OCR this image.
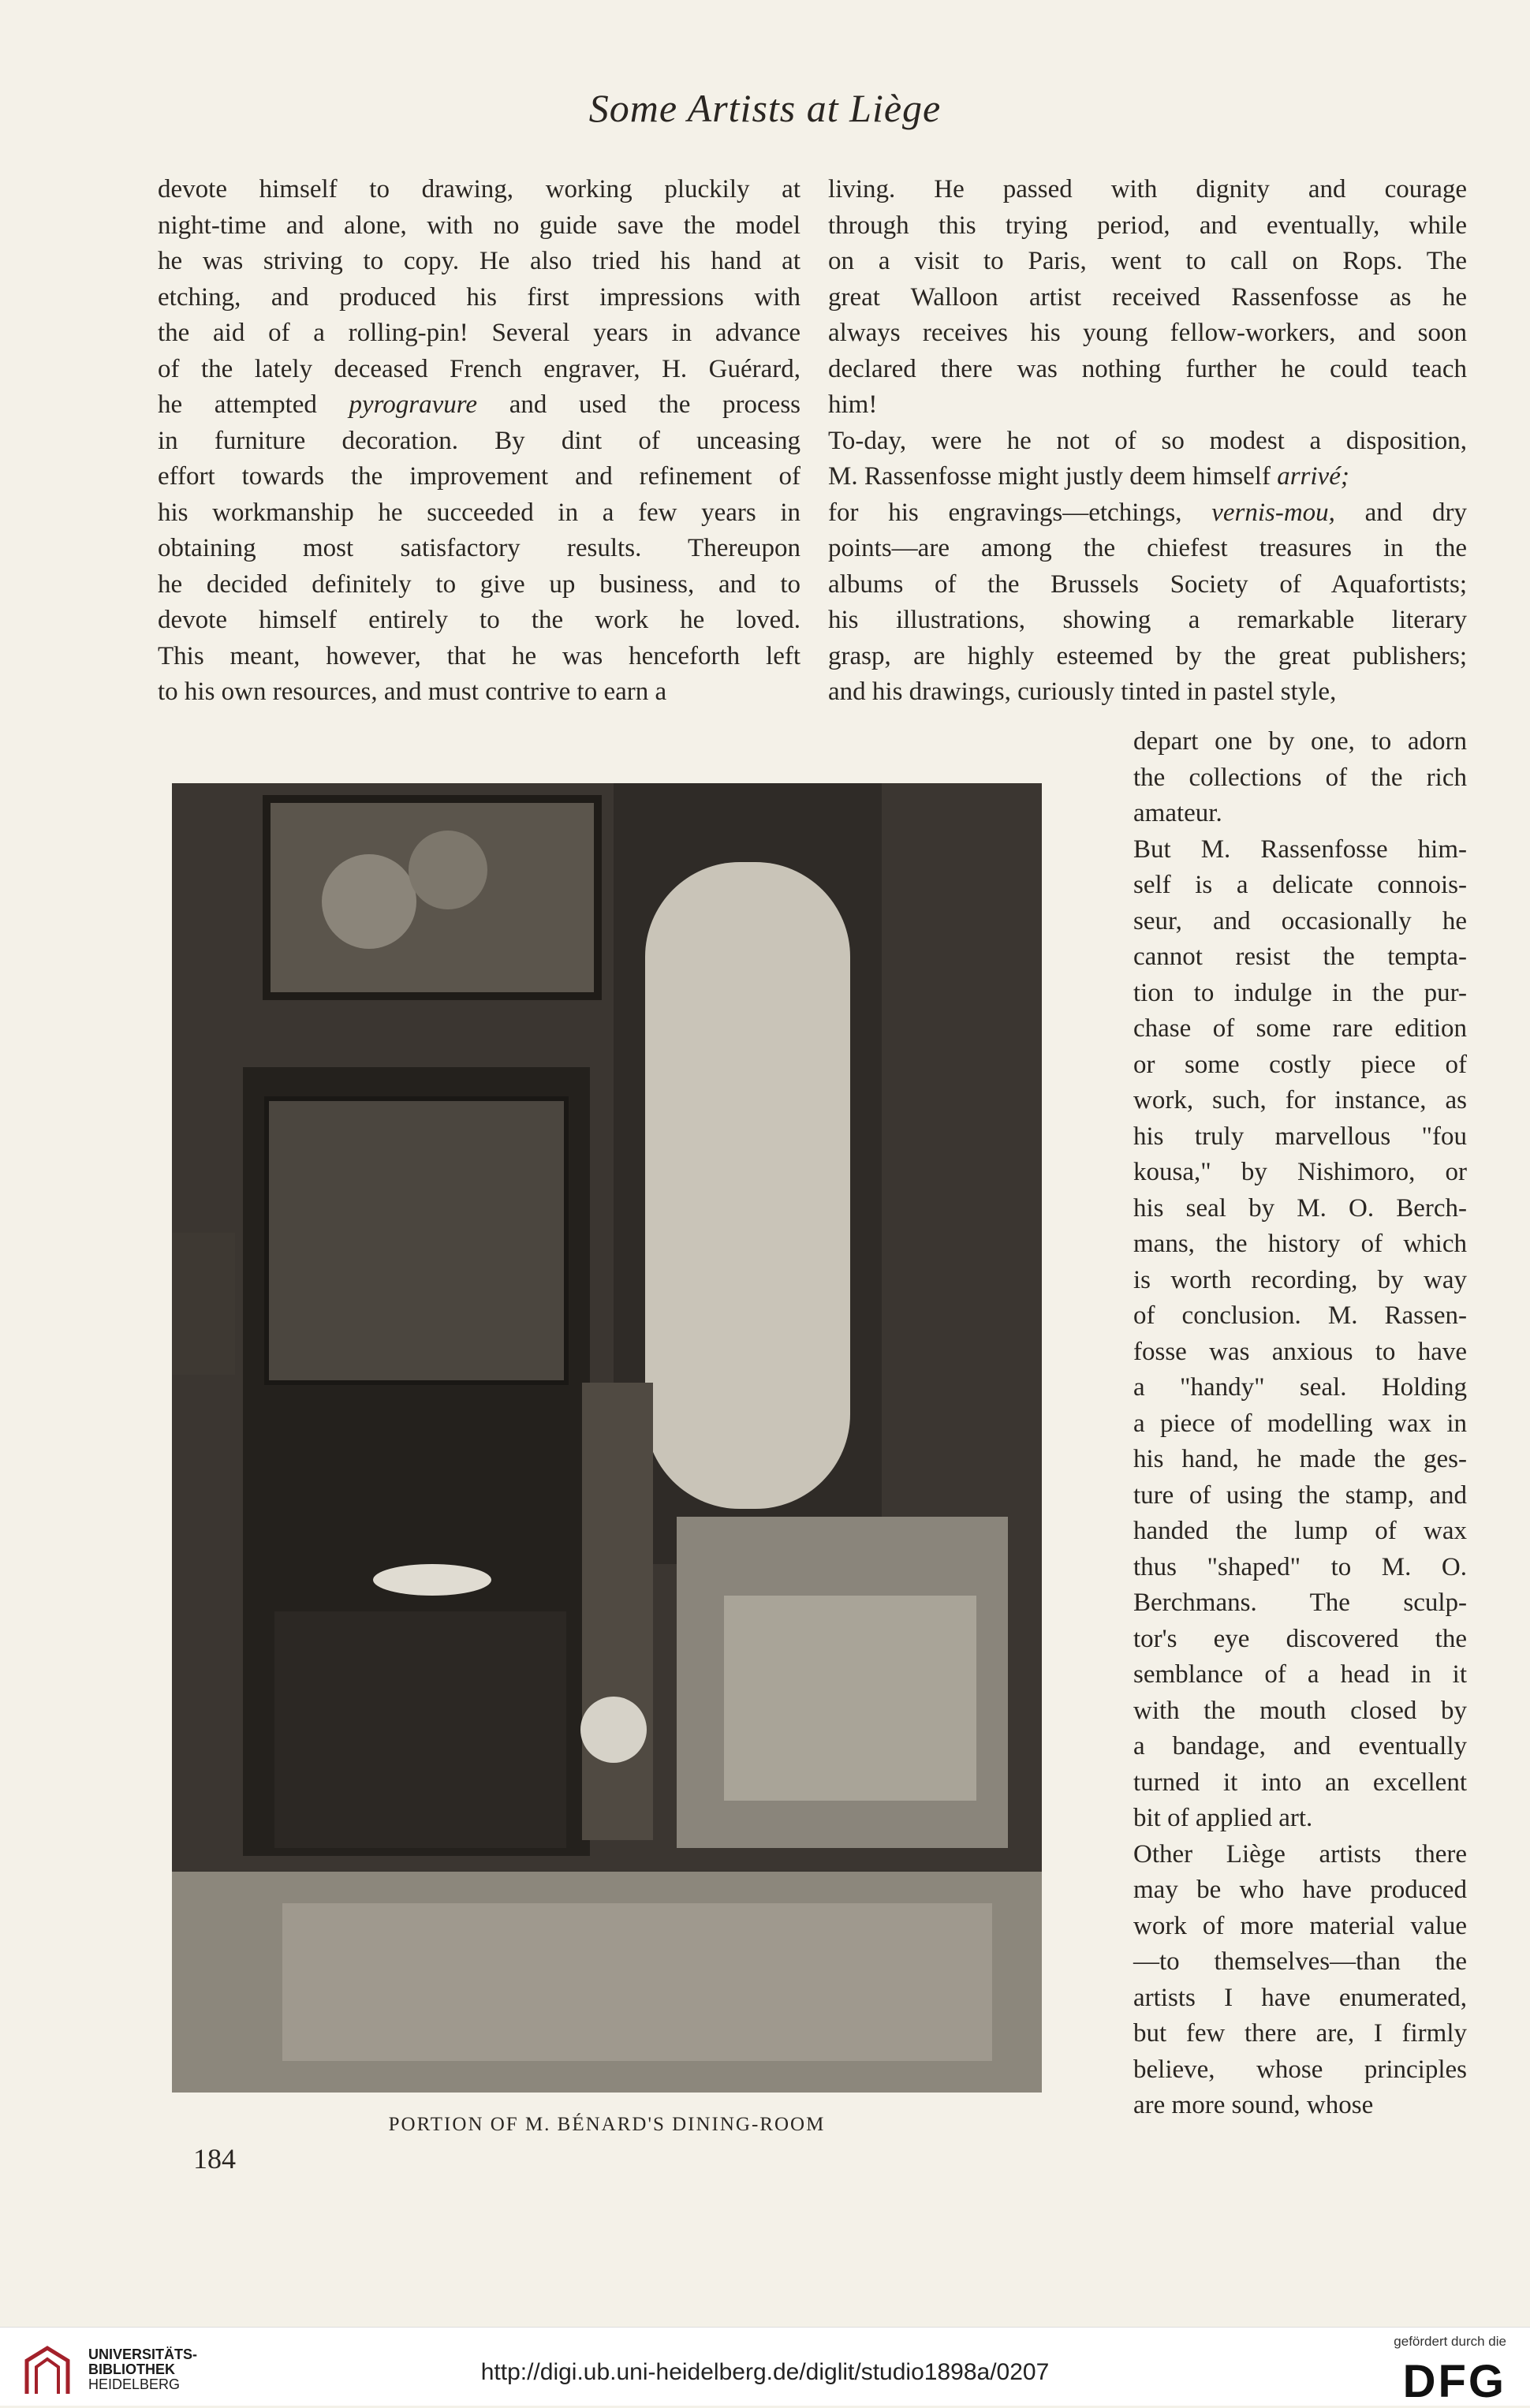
Some Artists at Liège

devote himself to drawing, working pluckily at

night-time and alone, with no guide save the model

he was striving to copy. He also tried his hand at

etching, and produced his first impressions with

the aid of a rolling-pin! Several years in advance

of the lately deceased French engraver, H. Guérard,

he attempted pyrogravure and used the process

in furniture decoration. By dint of unceasing

effort towards the improvement and refinement of

his workmanship he succeeded in a few years in

obtaining most satisfactory results. Thereupon

he decided definitely to give up business, and to

devote himself entirely to the work he loved.

This meant, however, that he was henceforth left

to his own resources, and must contrive to earn a

living. He passed with dignity and courage

through this trying period, and eventually, while

on a visit to Paris, went to call on Rops. The

great Walloon artist received Rassenfosse as he

always receives his young fellow-workers, and soon

declared there was nothing further he could teach

him!

To-day, were he not of so modest a disposition,

M. Rassenfosse might justly deem himself arrivé;

for his engravings—etchings, vernis-mou, and dry

points—are among the chiefest treasures in the

albums of the Brussels Society of Aquafortists;

his illustrations, showing a remarkable literary

grasp, are highly esteemed by the great publishers;

and his drawings, curiously tinted in pastel style,

depart one by one, to adorn

the collections of the rich

amateur.

But M. Rassenfosse him-

self is a delicate connois-

seur, and occasionally he

cannot resist the tempta-

tion to indulge in the pur-

chase of some rare edition

or some costly piece of

work, such, for instance, as

his truly marvellous "fou

kousa," by Nishimoro, or

his seal by M. O. Berch-

mans, the history of which

is worth recording, by way

of conclusion. M. Rassen-

fosse was anxious to have

a "handy" seal. Holding

a piece of modelling wax in

his hand, he made the ges-

ture of using the stamp, and

handed the lump of wax

thus "shaped" to M. O.

Berchmans. The sculp-

tor's eye discovered the

semblance of a head in it

with the mouth closed by

a bandage, and eventually

turned it into an excellent

bit of applied art.

Other Liège artists there

may be who have produced

work of more material value

—to themselves—than the

artists I have enumerated,

but few there are, I firmly

believe, whose principles

are more sound, whose

PORTION OF M. BÉNARD'S DINING-ROOM
184
UNIVERSITÄTS-
BIBLIOTHEK
HEIDELBERG	http://digi.ub.uni-heidelberg.de/diglit/studio1898a/0207
gefördert durch die
DFG
